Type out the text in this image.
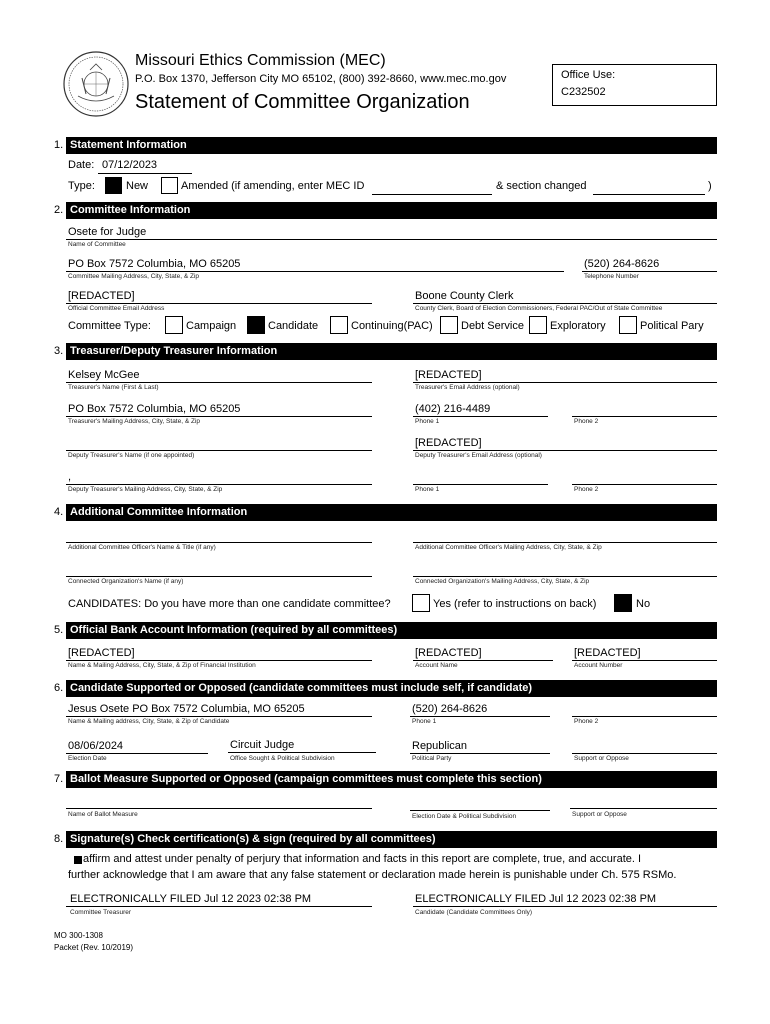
Missouri Ethics Commission (MEC)
P.O. Box 1370, Jefferson City MO 65102, (800) 392-8660, www.mec.mo.gov
Statement of Committee Organization
Office Use:
C232502
1. Statement Information
Date: 07/12/2023
Type:	New	Amended (if amending, enter MEC ID	& section changed	)
2. Committee Information
Osete for Judge
Name of Committee
PO Box 7572 Columbia, MO 65205
Committee Mailing Address, City, State, & Zip
(520) 264-8626
Telephone Number
[REDACTED]
Official Committee Email Address
Boone County Clerk
County Clerk, Board of Election Commissioners, Federal PAC/Out of State Committee
Committee Type:	Campaign	Candidate	Continuing(PAC)	Debt Service Exploratory	Political Pary
3. Treasurer/Deputy Treasurer Information
Kelsey McGee
Treasurer's Name (First & Last)
[REDACTED]
Treasurer's Email Address (optional)
PO Box 7572 Columbia, MO 65205
Treasurer's Mailing Address, City, State, & Zip
(402) 216-4489
Phone 1	Phone 2
Deputy Treasurer's Name (if one appointed)
[REDACTED]
Deputy Treasurer's Email Address (optional)
,
Deputy Treasurer's Mailing Address, City, State, & Zip	Phone 1	Phone 2
4. Additional Committee Information
Additional Committee Officer's Name & Title (if any)	Additional Committee Officer's Mailing Address, City, State, & Zip
Connected Organization's Name (if any)	Connected Organization's Mailing Address, City, State, & Zip
CANDIDATES: Do you have more than one candidate committee?	Yes (refer to instructions on back)	No
5. Official Bank Account Information (required by all committees)
[REDACTED]
Name & Mailing Address, City, State, & Zip of Financial Institution
[REDACTED]
Account Name
[REDACTED]
Account Number
6. Candidate Supported or Opposed (candidate committees must include self, if candidate)
Jesus Osete PO Box 7572 Columbia, MO 65205
Name & Mailing address, City, State, & Zip of Candidate
(520) 264-8626
Phone 1	Phone 2
08/06/2024
Election Date
Circuit Judge
Office Sought & Political Subdivision
Republican
Political Party	Support or Oppose
7. Ballot Measure Supported or Opposed (campaign committees must complete this section)
Name of Ballot Measure	Election Date & Political Subdivision	Support or Oppose
8. Signature(s) Check certification(s) & sign (required by all committees)
affirm and attest under penalty of perjury that information and facts in this report are complete, true, and accurate. I
further acknowledge that I am aware that any false statement or declaration made herein is punishable under Ch. 575 RSMo.
ELECTRONICALLY FILED Jul 12 2023 02:38 PM
Committee Treasurer
ELECTRONICALLY FILED Jul 12 2023 02:38 PM
Candidate (Candidate Committees Only)
MO 300-1308
Packet (Rev. 10/2019)
